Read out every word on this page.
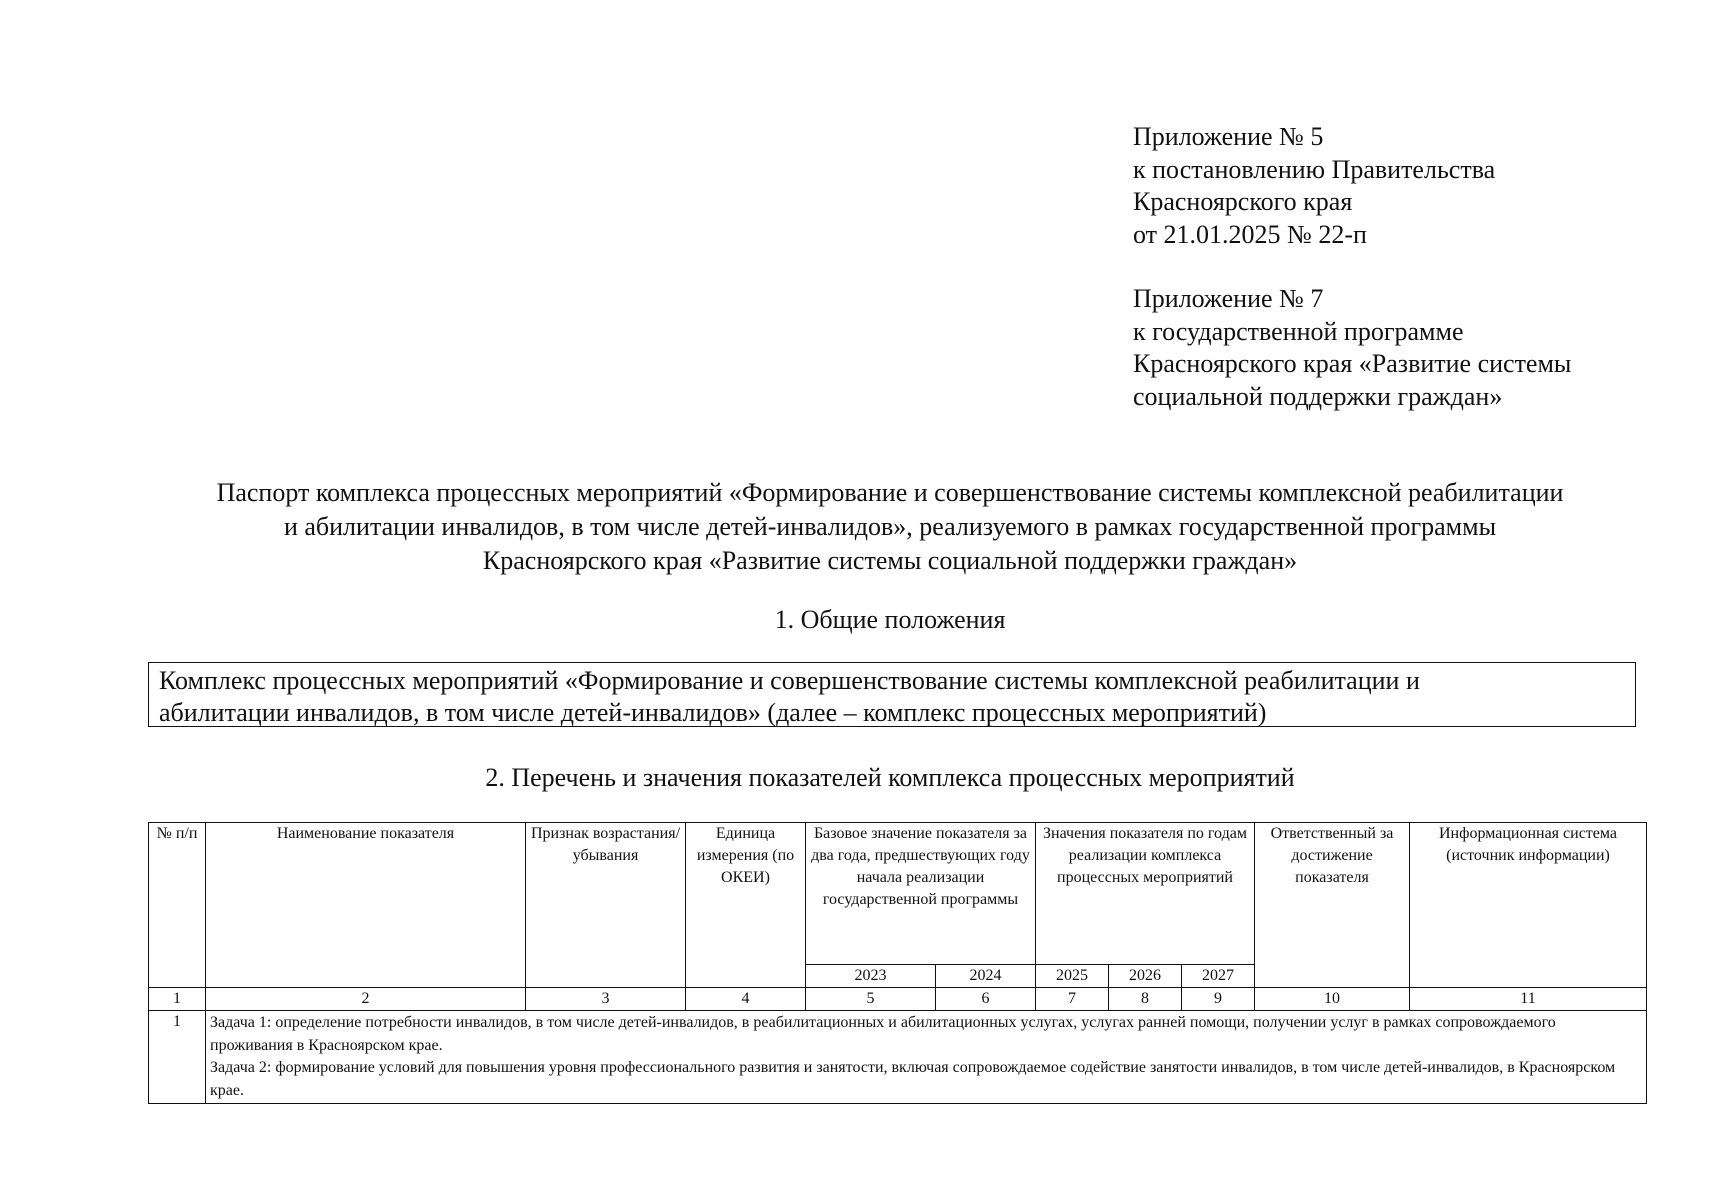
Приложение № 5
к постановлению Правительства
Красноярского края
от 21.01.2025 № 22-п
Приложение № 7
к государственной программе
Красноярского края «Развитие системы
социальной поддержки граждан»
Паспорт комплекса процессных мероприятий «Формирование и совершенствование системы комплексной реабилитации
и абилитации инвалидов, в том числе детей-инвалидов», реализуемого в рамках государственной программы
Красноярского края «Развитие системы социальной поддержки граждан»
1. Общие положения
Комплекс процессных мероприятий «Формирование и совершенствование системы комплексной реабилитации и
абилитации инвалидов, в том числе детей-инвалидов» (далее – комплекс процессных мероприятий)
2. Перечень и значения показателей комплекса процессных мероприятий
№ п/п	Наименование показателя	Признак возрастания/ убывания	Единица измерения (по ОКЕИ)	Базовое значение показателя за два года, предшествующих году начала реализации государственной программы		Значения показателя по годам реализации комплекса процессных мероприятий			Ответственный за достижение показателя	Информационная система (источник информации)
				2023	2024	2025	2026	2027		
1	2	3	4	5	6	7	8	9	10	11
1	Задача 1: определение потребности инвалидов, в том числе детей-инвалидов, в реабилитационных и абилитационных услугах, услугах ранней помощи, получении услуг в рамках сопровождаемого проживания в Красноярском крае.
Задача 2: формирование условий для повышения уровня профессионального развития и занятости, включая сопровождаемое содействие занятости инвалидов, в том числе детей-инвалидов, в Красноярском крае.									
